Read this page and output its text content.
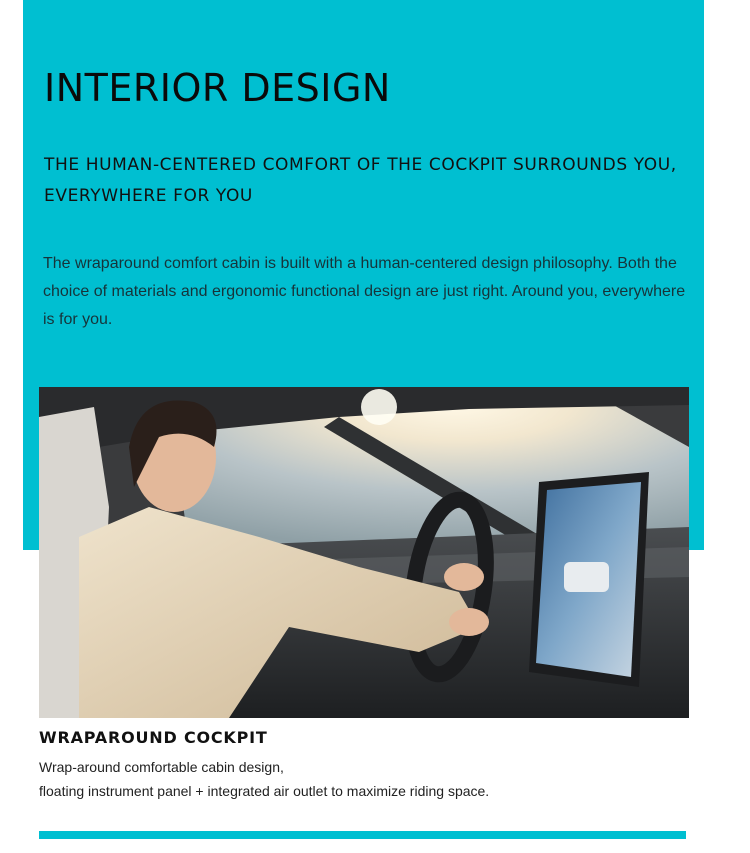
INTERIOR DESIGN
THE HUMAN-CENTERED COMFORT OF THE COCKPIT SURROUNDS YOU, EVERYWHERE FOR YOU

The wraparound comfort cabin is built with a human-centered design philosophy. Both the choice of materials and ergonomic functional design are just right. Around you, everywhere is for you.

WRAPAROUND COCKPIT

Wrap-around comfortable cabin design,

floating instrument panel + integrated air outlet to maximize riding space.
